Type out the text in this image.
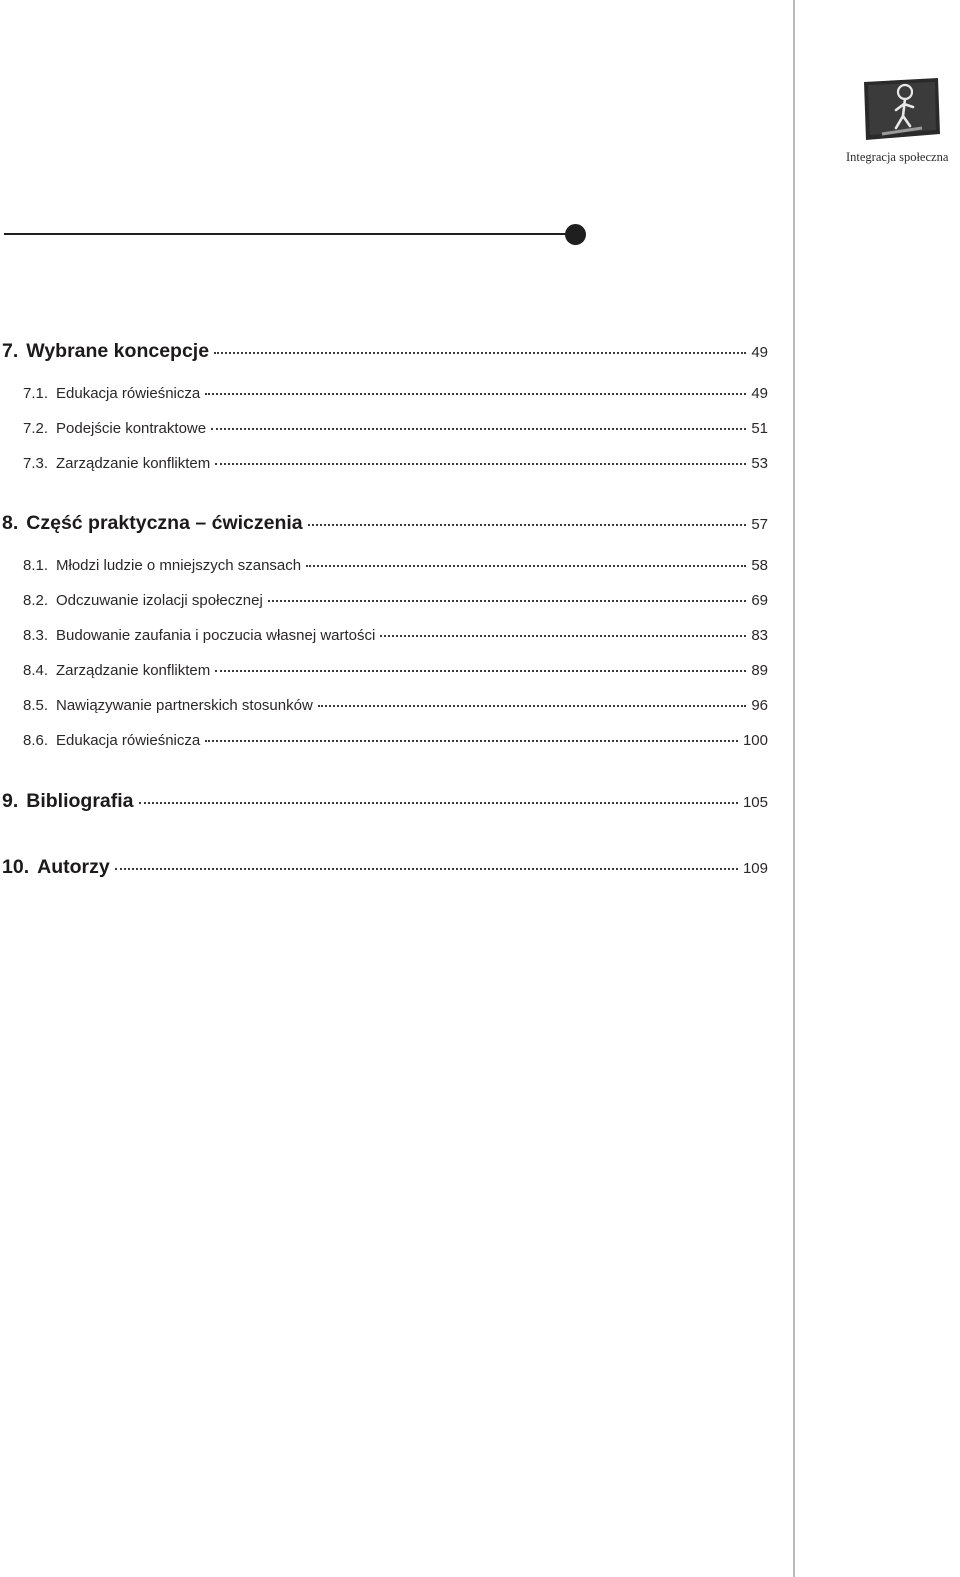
Integracja społeczna
7. Wybrane koncepcje	49
7.1. Edukacja rówieśnicza	49
7.2. Podejście kontraktowe	51
7.3. Zarządzanie konfliktem	53
8. Część praktyczna – ćwiczenia	57
8.1. Młodzi ludzie o mniejszych szansach	58
8.2. Odczuwanie izolacji społecznej	69
8.3. Budowanie zaufania i poczucia własnej wartości	83
8.4. Zarządzanie konfliktem	89
8.5. Nawiązywanie partnerskich stosunków	96
8.6. Edukacja rówieśnicza	100
9. Bibliografia	105
10. Autorzy	109
